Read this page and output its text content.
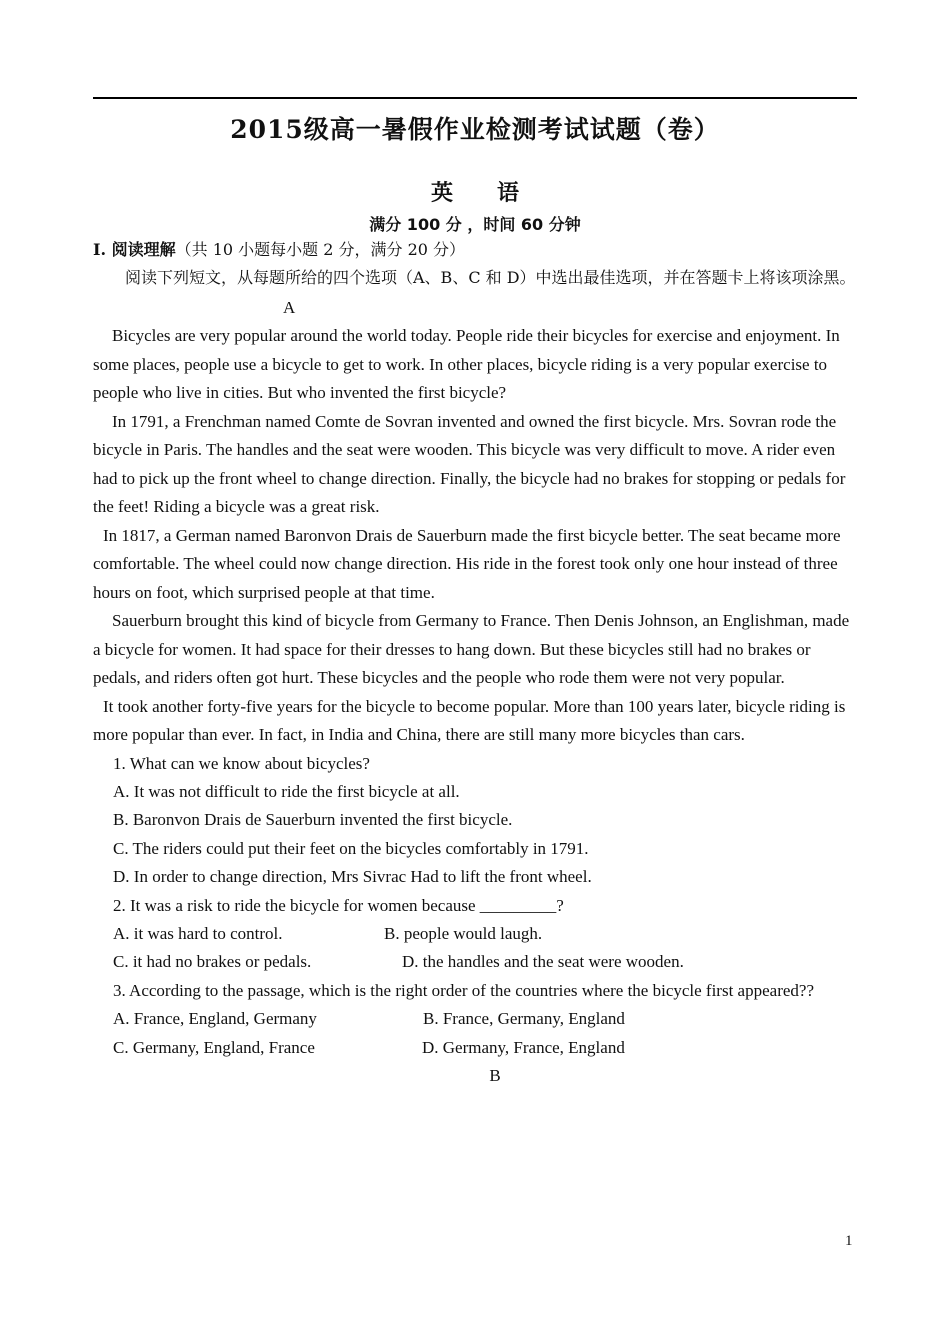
2015级高一暑假作业检测考试试题（卷）
英　　语
满分 100 分 ，时间 60 分钟
I. 阅读理解（共 10 小题每小题 2 分，满分 20 分）
阅读下列短文，从每题所给的四个选项（A、B、C 和 D）中选出最佳选项，并在答题卡上将该项涂黑。
A

Bicycles are very popular around the world today. People ride their bicycles for exercise and enjoyment. In some places, people use a bicycle to get to work. In other places, bicycle riding is a very popular exercise to people who live in cities. But who invented the first bicycle?

In 1791, a Frenchman named Comte de Sovran invented and owned the first bicycle. Mrs. Sovran rode the bicycle in Paris. The handles and the seat were wooden. This bicycle was very difficult to move. A rider even had to pick up the front wheel to change direction. Finally, the bicycle had no brakes for stopping or pedals for the feet! Riding a bicycle was a great risk.

In 1817, a German named Baronvon Drais de Sauerburn made the first bicycle better. The seat became more comfortable. The wheel could now change direction. His ride in the forest took only one hour instead of three hours on foot, which surprised people at that time.

Sauerburn brought this kind of bicycle from Germany to France. Then Denis Johnson, an Englishman, made a bicycle for women. It had space for their dresses to hang down. But these bicycles still had no brakes or pedals, and riders often got hurt. These bicycles and the people who rode them were not very popular.

It took another forty-five years for the bicycle to become popular. More than 100 years later, bicycle riding is more popular than ever. In fact, in India and China, there are still many more bicycles than cars.

1. What can we know about bicycles?

A. It was not difficult to ride the first bicycle at all.

B. Baronvon Drais de Sauerburn invented the first bicycle.

C. The riders could put their feet on the bicycles comfortably in 1791.

D. In order to change direction, Mrs Sivrac Had to lift the front wheel.

2. It was a risk to ride the bicycle for women because _________?

A. it was hard to control.	B. people would laugh.
C. it had no brakes or pedals.	D. the handles and the seat were wooden.

3. According to the passage, which is the right order of the countries where the bicycle first appeared??

A. France, England, Germany	B. France, Germany, England
C. Germany, England, France	D. Germany, France, England
B
1
